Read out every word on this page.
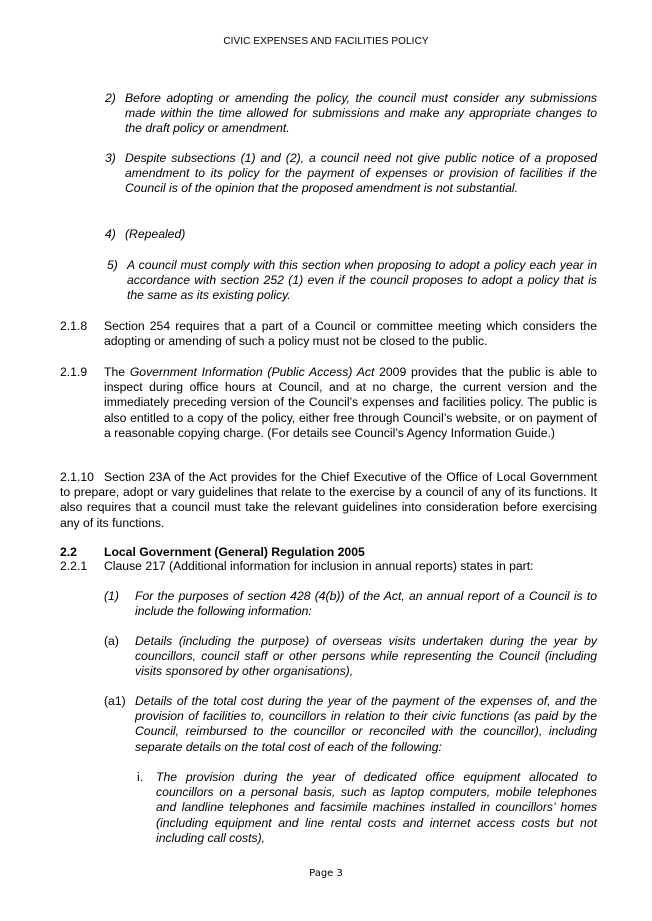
CIVIC EXPENSES AND FACILITIES POLICY
2) Before adopting or amending the policy, the council must consider any submissions made within the time allowed for submissions and make any appropriate changes to the draft policy or amendment.
3) Despite subsections (1) and (2), a council need not give public notice of a proposed amendment to its policy for the payment of expenses or provision of facilities if the Council is of the opinion that the proposed amendment is not substantial.
4) (Repealed)
5) A council must comply with this section when proposing to adopt a policy each year in accordance with section 252 (1) even if the council proposes to adopt a policy that is the same as its existing policy.
2.1.8 Section 254 requires that a part of a Council or committee meeting which considers the adopting or amending of such a policy must not be closed to the public.
2.1.9 The Government Information (Public Access) Act 2009 provides that the public is able to inspect during office hours at Council, and at no charge, the current version and the immediately preceding version of the Council’s expenses and facilities policy. The public is also entitled to a copy of the policy, either free through Council’s website, or on payment of a reasonable copying charge. (For details see Council’s Agency Information Guide.)
2.1.10 Section 23A of the Act provides for the Chief Executive of the Office of Local Government to prepare, adopt or vary guidelines that relate to the exercise by a council of any of its functions. It also requires that a council must take the relevant guidelines into consideration before exercising any of its functions.
2.2 Local Government (General) Regulation 2005
2.2.1 Clause 217 (Additional information for inclusion in annual reports) states in part:
(1) For the purposes of section 428 (4(b)) of the Act, an annual report of a Council is to include the following information:
(a) Details (including the purpose) of overseas visits undertaken during the year by councillors, council staff or other persons while representing the Council (including visits sponsored by other organisations),
(a1) Details of the total cost during the year of the payment of the expenses of, and the provision of facilities to, councillors in relation to their civic functions (as paid by the Council, reimbursed to the councillor or reconciled with the councillor), including separate details on the total cost of each of the following:
i. The provision during the year of dedicated office equipment allocated to councillors on a personal basis, such as laptop computers, mobile telephones and landline telephones and facsimile machines installed in councillors’ homes (including equipment and line rental costs and internet access costs but not including call costs),
Page 3
